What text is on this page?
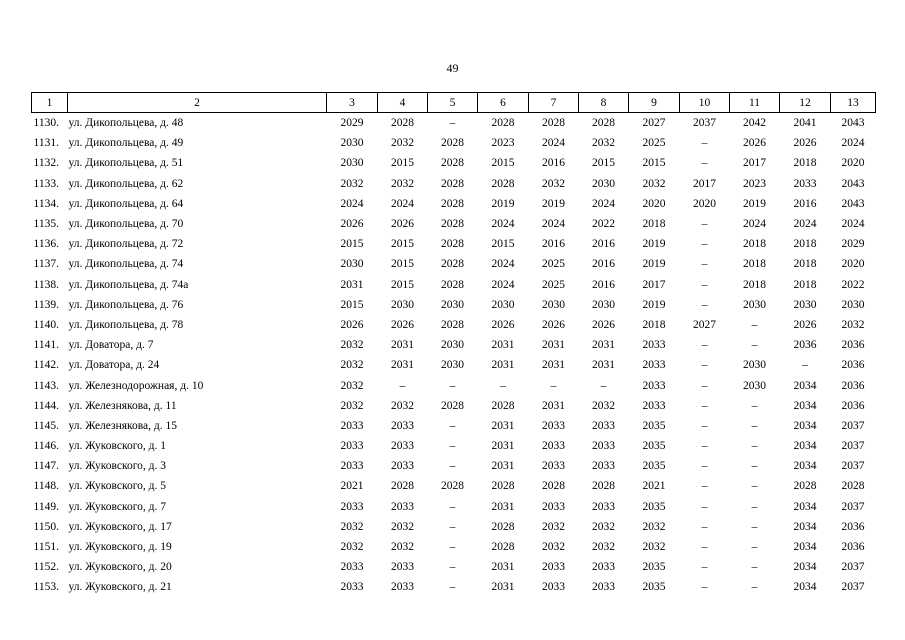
49
1	2	3	4	5	6	7	8	9	10	11	12	13
1130.	ул. Дикопольцева, д. 48	2029	2028	–	2028	2028	2028	2027	2037	2042	2041	2043
1131.	ул. Дикопольцева, д. 49	2030	2032	2028	2023	2024	2032	2025	–	2026	2026	2024
1132.	ул. Дикопольцева, д. 51	2030	2015	2028	2015	2016	2015	2015	–	2017	2018	2020
1133.	ул. Дикопольцева, д. 62	2032	2032	2028	2028	2032	2030	2032	2017	2023	2033	2043
1134.	ул. Дикопольцева, д. 64	2024	2024	2028	2019	2019	2024	2020	2020	2019	2016	2043
1135.	ул. Дикопольцева, д. 70	2026	2026	2028	2024	2024	2022	2018	–	2024	2024	2024
1136.	ул. Дикопольцева, д. 72	2015	2015	2028	2015	2016	2016	2019	–	2018	2018	2029
1137.	ул. Дикопольцева, д. 74	2030	2015	2028	2024	2025	2016	2019	–	2018	2018	2020
1138.	ул. Дикопольцева, д. 74а	2031	2015	2028	2024	2025	2016	2017	–	2018	2018	2022
1139.	ул. Дикопольцева, д. 76	2015	2030	2030	2030	2030	2030	2019	–	2030	2030	2030
1140.	ул. Дикопольцева, д. 78	2026	2026	2028	2026	2026	2026	2018	2027	–	2026	2032
1141.	ул. Доватора, д. 7	2032	2031	2030	2031	2031	2031	2033	–	–	2036	2036
1142.	ул. Доватора, д. 24	2032	2031	2030	2031	2031	2031	2033	–	2030	–	2036
1143.	ул. Железнодорожная, д. 10	2032	–	–	–	–	–	2033	–	2030	2034	2036
1144.	ул. Железнякова, д. 11	2032	2032	2028	2028	2031	2032	2033	–	–	2034	2036
1145.	ул. Железнякова, д. 15	2033	2033	–	2031	2033	2033	2035	–	–	2034	2037
1146.	ул. Жуковского, д. 1	2033	2033	–	2031	2033	2033	2035	–	–	2034	2037
1147.	ул. Жуковского, д. 3	2033	2033	–	2031	2033	2033	2035	–	–	2034	2037
1148.	ул. Жуковского, д. 5	2021	2028	2028	2028	2028	2028	2021	–	–	2028	2028
1149.	ул. Жуковского, д. 7	2033	2033	–	2031	2033	2033	2035	–	–	2034	2037
1150.	ул. Жуковского, д. 17	2032	2032	–	2028	2032	2032	2032	–	–	2034	2036
1151.	ул. Жуковского, д. 19	2032	2032	–	2028	2032	2032	2032	–	–	2034	2036
1152.	ул. Жуковского, д. 20	2033	2033	–	2031	2033	2033	2035	–	–	2034	2037
1153.	ул. Жуковского, д. 21	2033	2033	–	2031	2033	2033	2035	–	–	2034	2037
